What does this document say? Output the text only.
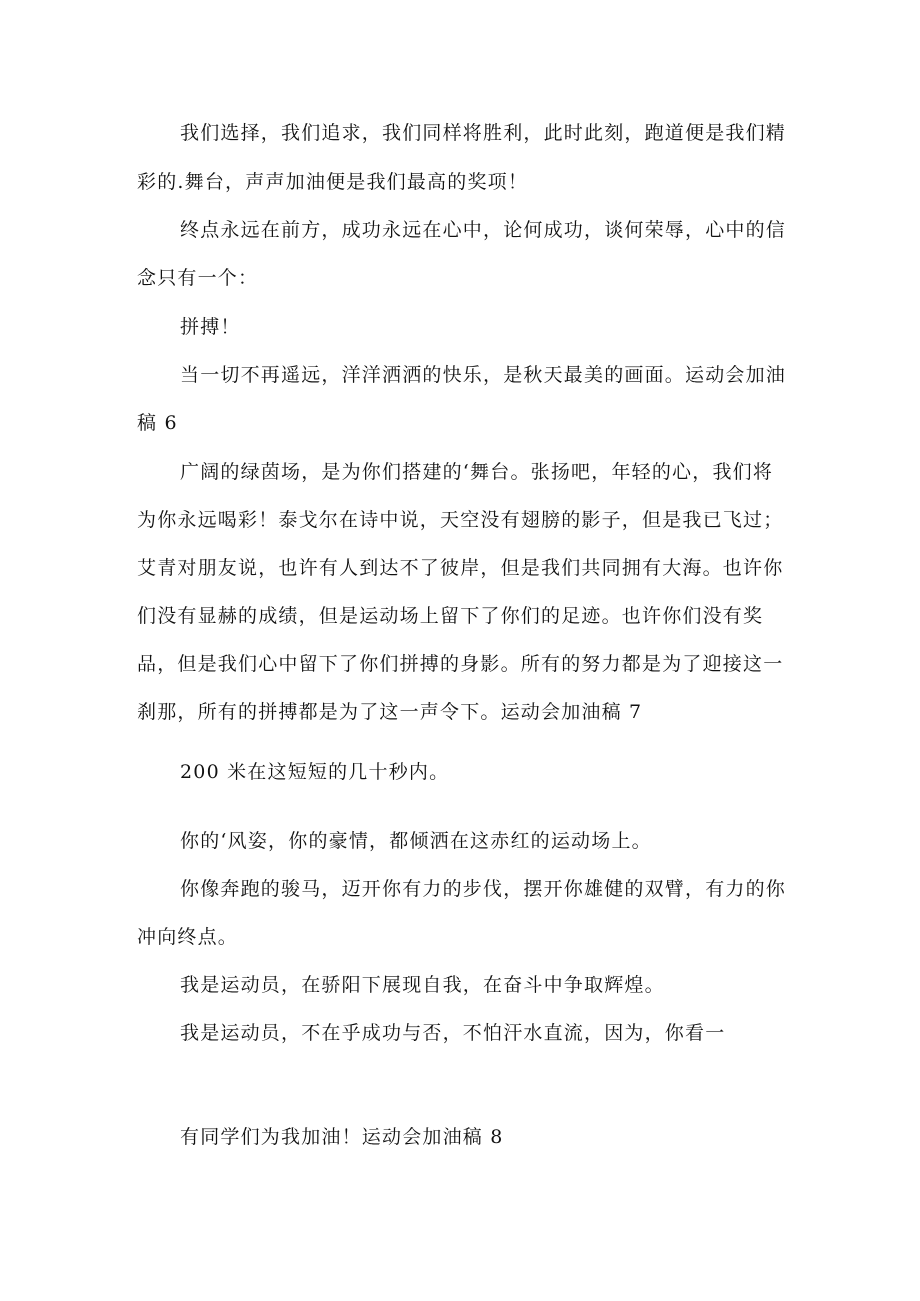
我们选择，我们追求，我们同样将胜利，此时此刻，跑道便是我们精
彩的.舞台，声声加油便是我们最高的奖项！
终点永远在前方，成功永远在心中，论何成功，谈何荣辱，心中的信
念只有一个：
拼搏！
当一切不再遥远，洋洋洒洒的快乐，是秋天最美的画面。运动会加油
稿 6
广阔的绿茵场，是为你们搭建的‘舞台。张扬吧，年轻的心，我们将
为你永远喝彩！泰戈尔在诗中说，天空没有翅膀的影子，但是我已飞过；
艾青对朋友说，也许有人到达不了彼岸，但是我们共同拥有大海。也许你
们没有显赫的成绩，但是运动场上留下了你们的足迹。也许你们没有奖
品，但是我们心中留下了你们拼搏的身影。所有的努力都是为了迎接这一
刹那，所有的拼搏都是为了这一声令下。运动会加油稿 7
200 米在这短短的几十秒内。
你的‘风姿，你的豪情，都倾洒在这赤红的运动场上。
你像奔跑的骏马，迈开你有力的步伐，摆开你雄健的双臂，有力的你
冲向终点。
我是运动员，在骄阳下展现自我，在奋斗中争取辉煌。
我是运动员，不在乎成功与否，不怕汗水直流，因为，你看一
有同学们为我加油！运动会加油稿 8
